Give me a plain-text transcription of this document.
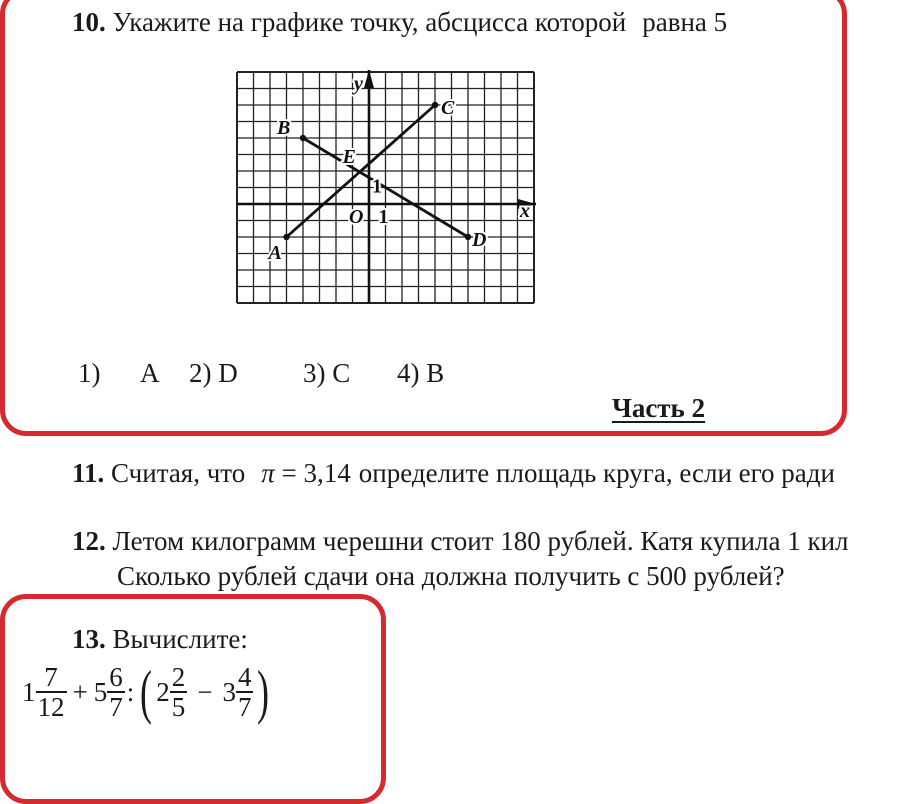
10. Укажите на графике точку, абсцисса которой равна 5
A
B
C
D
E
y
x
O 1
1
1) A 2) D 3) C 4) B
Часть 2
11. Считая, что π = 3,14 определите площадь круга, если его ради
12. Летом килограмм черешни стоит 180 рублей. Катя купила 1 кил
Сколько рублей сдачи она должна получить с 500 рублей?
13. Вычислите:
$1 \frac{7}{12} + 5 \frac{6}{7}$ : ( $2 \frac{2}{5} - 3 \frac{4}{7}$ )
